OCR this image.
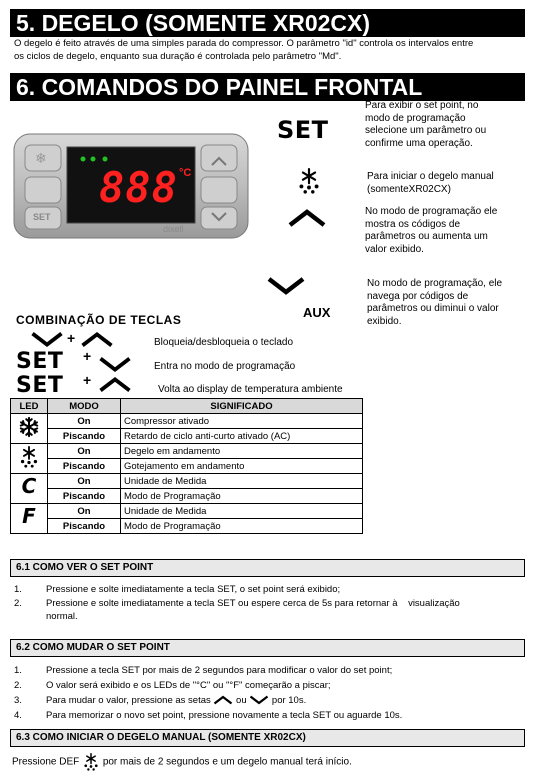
5. DEGELO (SOMENTE XR02CX)
O degelo é feito através de uma simples parada do compressor. O parâmetro "id" controla os intervalos entre
os ciclos de degelo, enquanto sua duração é controlada pelo parâmetro "Md".
6. COMANDOS DO PAINEL FRONTAL
888 °C
SET
dixell
❄
SET
AUX
Para exibir o set point, no
modo de programação
selecione um parâmetro ou
confirme uma operação.
Para iniciar o degelo manual
(somenteXR02CX)
No modo de programação ele
mostra os códigos de
parâmetros ou aumenta um
valor exibido.
No modo de programação, ele
navega por códigos de
parâmetros ou diminui o valor
exibido.
COMBINAÇÃO DE TECLAS
+	Bloqueia/desbloqueia o teclado
SET +
Entra no modo de programação
SET +
Volta ao display de temperatura ambiente
LED	MODO	SIGNIFICADO
	On	Compressor ativado
	Piscando	Retardo de ciclo anti-curto ativado (AC)
	On	Degelo em andamento
	Piscando	Gotejamento em andamento
C	On	Unidade de Medida
	Piscando	Modo de Programação
F	On	Unidade de Medida
	Piscando	Modo de Programação
6.1 COMO VER O SET POINT
1.	Pressione e solte imediatamente a tecla SET, o set point será exibido;
2.	Pressione e solte imediatamente a tecla SET ou espere cerca de 5s para retornar à    visualização
normal.
6.2 COMO MUDAR O SET POINT
1.	Pressione a tecla SET por mais de 2 segundos para modificar o valor do set point;
2.	O valor será exibido e os LEDs de "°C" ou "°F" começarão a piscar;
3.	Para mudar o valor, pressione as setas	ou	por 10s.
4.	Para memorizar o novo set point, pressione novamente a tecla SET ou aguarde 10s.
6.3 COMO INICIAR O DEGELO MANUAL (SOMENTE XR02CX)
Pressione DEF por mais de 2 segundos e um degelo manual terá início.
